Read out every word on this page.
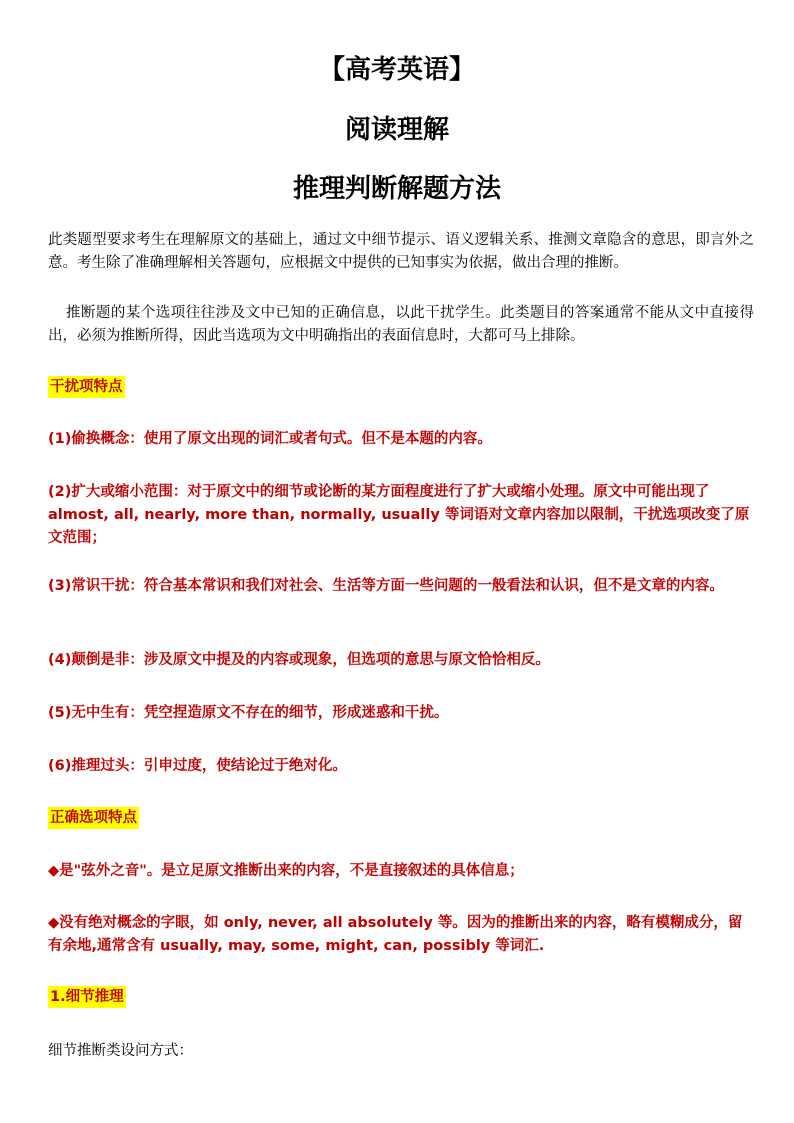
【高考英语】
阅读理解
推理判断解题方法
此类题型要求考生在理解原文的基础上，通过文中细节提示、语义逻辑关系、推测文章隐含的意思，即言外之意。考生除了准确理解相关答题句，应根据文中提供的已知事实为依据，做出合理的推断。
推断题的某个选项往往涉及文中已知的正确信息，以此干扰学生。此类题目的答案通常不能从文中直接得出，必须为推断所得，因此当选项为文中明确指出的表面信息时，大都可马上排除。
干扰项特点
(1)偷换概念：使用了原文出现的词汇或者句式。但不是本题的内容。
(2)扩大或缩小范围：对于原文中的细节或论断的某方面程度进行了扩大或缩小处理。原文中可能出现了 almost, all, nearly, more than, normally, usually 等词语对文章内容加以限制，干扰选项改变了原文范围；
(3)常识干扰：符合基本常识和我们对社会、生活等方面一些问题的一般看法和认识，但不是文章的内容。
(4)颠倒是非：涉及原文中提及的内容或现象，但选项的意思与原文恰恰相反。
(5)无中生有：凭空捏造原文不存在的细节，形成迷惑和干扰。
(6)推理过头：引申过度，使结论过于绝对化。
正确选项特点
◆是"弦外之音"。是立足原文推断出来的内容，不是直接叙述的具体信息；
◆没有绝对概念的字眼，如 only, never, all absolutely 等。因为的推断出来的内容，略有模糊成分，留有余地,通常含有 usually, may, some, might, can, possibly 等词汇.
1.细节推理
细节推断类设问方式：
